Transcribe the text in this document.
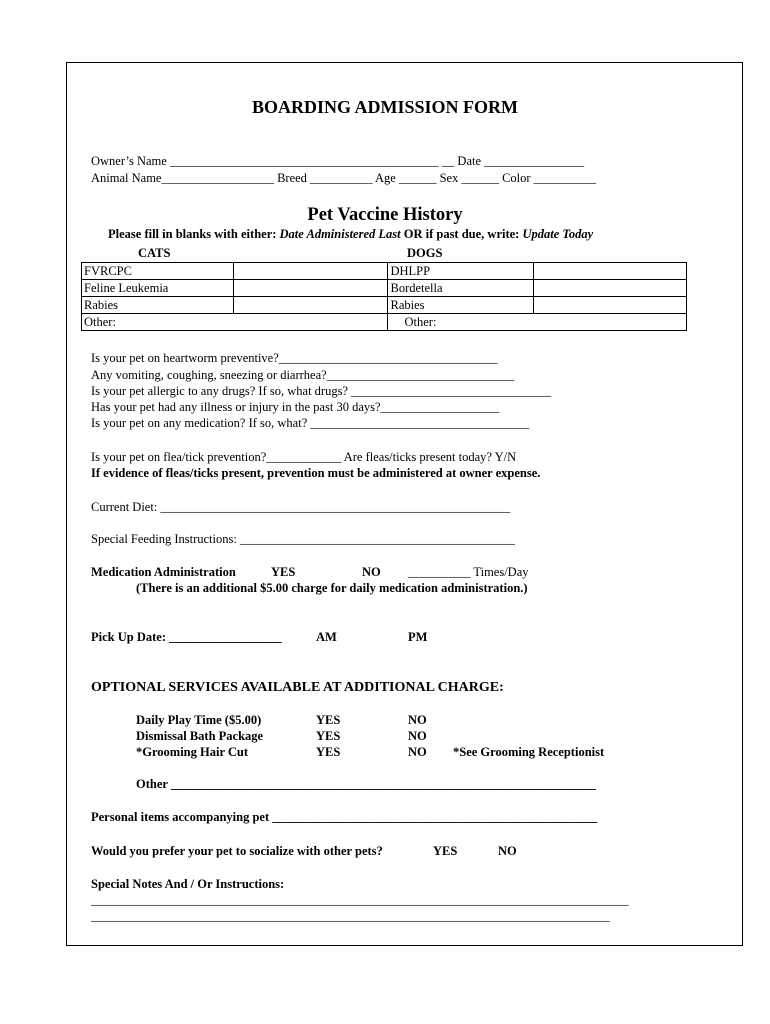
BOARDING ADMISSION FORM
Owner’s Name ___________________________________________ __ Date ________________
Animal Name__________________ Breed __________ Age ______ Sex ______ Color __________
Pet Vaccine History
Please fill in blanks with either: Date Administered Last OR if past due, write: Update Today
CATS	DOGS
FVRCPC		DHLPP	
Feline Leukemia		Bordetella	
Rabies		Rabies	
Other:		Other:	
Is your pet on heartworm preventive?___________________________________
Any vomiting, coughing, sneezing or diarrhea?______________________________
Is your pet allergic to any drugs? If so, what drugs? ________________________________
Has your pet had any illness or injury in the past 30 days?___________________
Is your pet on any medication? If so, what? ___________________________________
Is your pet on flea/tick prevention?____________ Are fleas/ticks present today? Y/N
If evidence of fleas/ticks present, prevention must be administered at owner expense.
Current Diet: ________________________________________________________
Special Feeding Instructions: ____________________________________________
Medication Administration	YES	NO __________ Times/Day
(There is an additional $5.00 charge for daily medication administration.)
Pick Up Date: __________________	AM	PM
OPTIONAL SERVICES AVAILABLE AT ADDITIONAL CHARGE:
Daily Play Time ($5.00)	YES	NO
Dismissal Bath Package	YES	NO
*Grooming Hair Cut	YES	NO *See Grooming Receptionist
Other ____________________________________________________________________
Personal items accompanying pet ____________________________________________________
Would you prefer your pet to socialize with other pets?	YES	NO
Special Notes And / Or Instructions:
______________________________________________________________________________________
___________________________________________________________________________________
